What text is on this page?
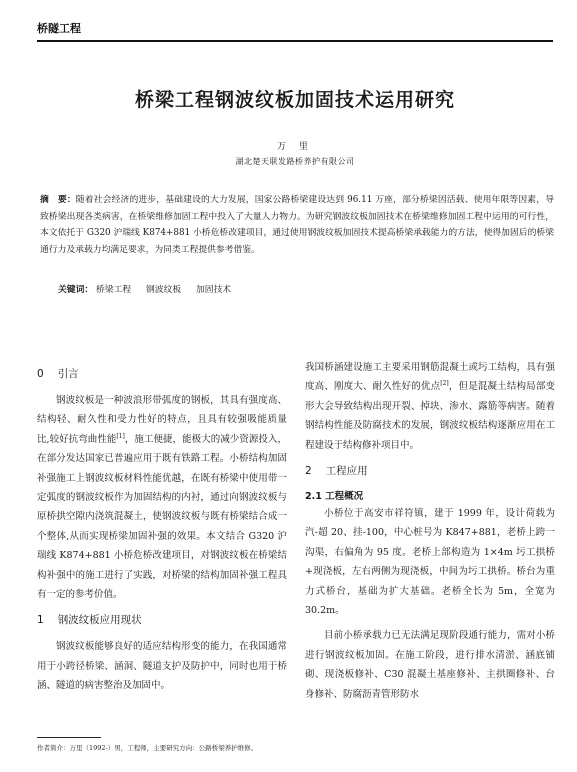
桥隧工程
桥梁工程钢波纹板加固技术运用研究
万 里
湖北楚天联发路桥养护有限公司

摘　要：随着社会经济的进步，基础建设的大力发展，国家公路桥梁建设达到 96.11 万座，部分桥梁因活载、使用年限等因素，导致桥梁出现各类病害，在桥梁维修加固工程中投入了大量人力物力。为研究钢波纹板加固技术在桥梁维修加固工程中运用的可行性，本文依托于 G320 沪瑞线 K874+881 小桥危桥改建项目，通过使用钢波纹板加固技术提高桥梁承载能力的方法，使得加固后的桥梁通行力及承载力均满足要求，为同类工程提供参考借鉴。

关键词： 桥梁工程 钢波纹板 加固技术
0 引言

钢波纹板是一种波浪形带弧度的钢板，其具有强度高、结构轻、耐久性和受力性好的特点，且具有较强吸能质量比,较好抗弯曲性能[1]，施工便捷，能极大的减少资源投入，在部分发达国家已普遍应用于既有铁路工程。小桥结构加固补强施工上钢波纹板材料性能优越，在既有桥梁中使用带一定弧度的钢波纹板作为加固结构的内衬，通过向钢波纹板与原桥拱空隙内浇筑混凝土，使钢波纹板与既有桥梁结合成一个整体,从而实现桥梁加固补强的效果。本文结合 G320 沪瑞线 K874+881 小桥危桥改建项目，对钢波纹板在桥梁结构补强中的施工进行了实践，对桥梁的结构加固补强工程具有一定的参考价值。

1 钢波纹板应用现状

钢波纹板能够良好的适应结构形变的能力，在我国通常用于小跨径桥梁、涵洞、隧道支护及防护中，同时也用于桥涵、隧道的病害整治及加固中。

我国桥涵建设施工主要采用钢筋混凝土或圬工结构，具有强度高、刚度大、耐久性好的优点[2]，但是混凝土结构局部变形大会导致结构出现开裂、掉块、渗水、露筋等病害。随着钢结构性能及防腐技术的发展，钢波纹板结构逐渐应用在工程建设于结构修补项目中。

2 工程应用
2.1 工程概况

小桥位于高安市祥符镇，建于 1999 年，设计荷载为汽-超 20、挂-100，中心桩号为 K847+881，老桥上跨一沟渠，右偏角为 95 度。老桥上部构造为 1×4m 圬工拱桥+现浇板，左右两侧为现浇板，中间为圬工拱桥。桥台为重力式桥台，基础为扩大基础。老桥全长为 5m，全宽为 30.2m。

目前小桥承载力已无法满足现阶段通行能力，需对小桥进行钢波纹板加固。在施工阶段，进行排水清淤、涵底铺砌、现浇板修补、C30 混凝土基座修补、主拱圈修补、台身修补、防腐沥青管形防水

作者简介：万里（1992-）男，工程师，主要研究方向：公路桥梁养护维修。
